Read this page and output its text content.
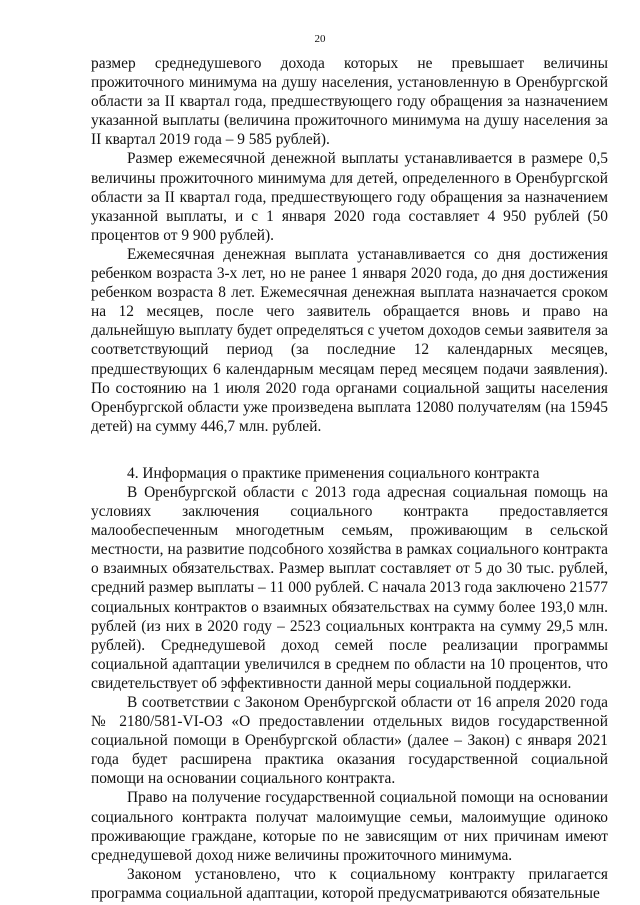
20

размер среднедушевого дохода которых не превышает величины прожиточного минимума на душу населения, установленную в Оренбургской области за II квартал года, предшествующего году обращения за назначением указанной выплаты (величина прожиточного минимума на душу населения за II квартал 2019 года – 9 585 рублей).

Размер ежемесячной денежной выплаты устанавливается в размере 0,5 величины прожиточного минимума для детей, определенного в Оренбургской области за II квартал года, предшествующего году обращения за назначением указанной выплаты, и с 1 января 2020 года составляет 4 950 рублей (50 процентов от 9 900 рублей).

Ежемесячная денежная выплата устанавливается со дня достижения ребенком возраста 3-х лет, но не ранее 1 января 2020 года, до дня достижения ребенком возраста 8 лет. Ежемесячная денежная выплата назначается сроком на 12 месяцев, после чего заявитель обращается вновь и право на дальнейшую выплату будет определяться с учетом доходов семьи заявителя за соответствующий период (за последние 12 календарных месяцев, предшествующих 6 календарным месяцам перед месяцем подачи заявления). По состоянию на 1 июля 2020 года органами социальной защиты населения Оренбургской области уже произведена выплата 12080 получателям (на 15945 детей) на сумму 446,7 млн. рублей.

4. Информация о практике применения социального контракта

В Оренбургской области с 2013 года адресная социальная помощь на условиях заключения социального контракта предоставляется малообеспеченным многодетным семьям, проживающим в сельской местности, на развитие подсобного хозяйства в рамках социального контракта о взаимных обязательствах. Размер выплат составляет от 5 до 30 тыс. рублей, средний размер выплаты – 11 000 рублей. С начала 2013 года заключено 21577 социальных контрактов о взаимных обязательствах на сумму более 193,0 млн. рублей (из них в 2020 году – 2523 социальных контракта на сумму 29,5 млн. рублей). Среднедушевой доход семей после реализации программы социальной адаптации увеличился в среднем по области на 10 процентов, что свидетельствует об эффективности данной меры социальной поддержки.

В соответствии с Законом Оренбургской области от 16 апреля 2020 года № 2180/581-VI-ОЗ «О предоставлении отдельных видов государственной социальной помощи в Оренбургской области» (далее – Закон) с января 2021 года будет расширена практика оказания государственной социальной помощи на основании социального контракта.

Право на получение государственной социальной помощи на основании социального контракта получат малоимущие семьи, малоимущие одиноко проживающие граждане, которые по не зависящим от них причинам имеют среднедушевой доход ниже величины прожиточного минимума.

Законом установлено, что к социальному контракту прилагается программа социальной адаптации, которой предусматриваются обязательные
